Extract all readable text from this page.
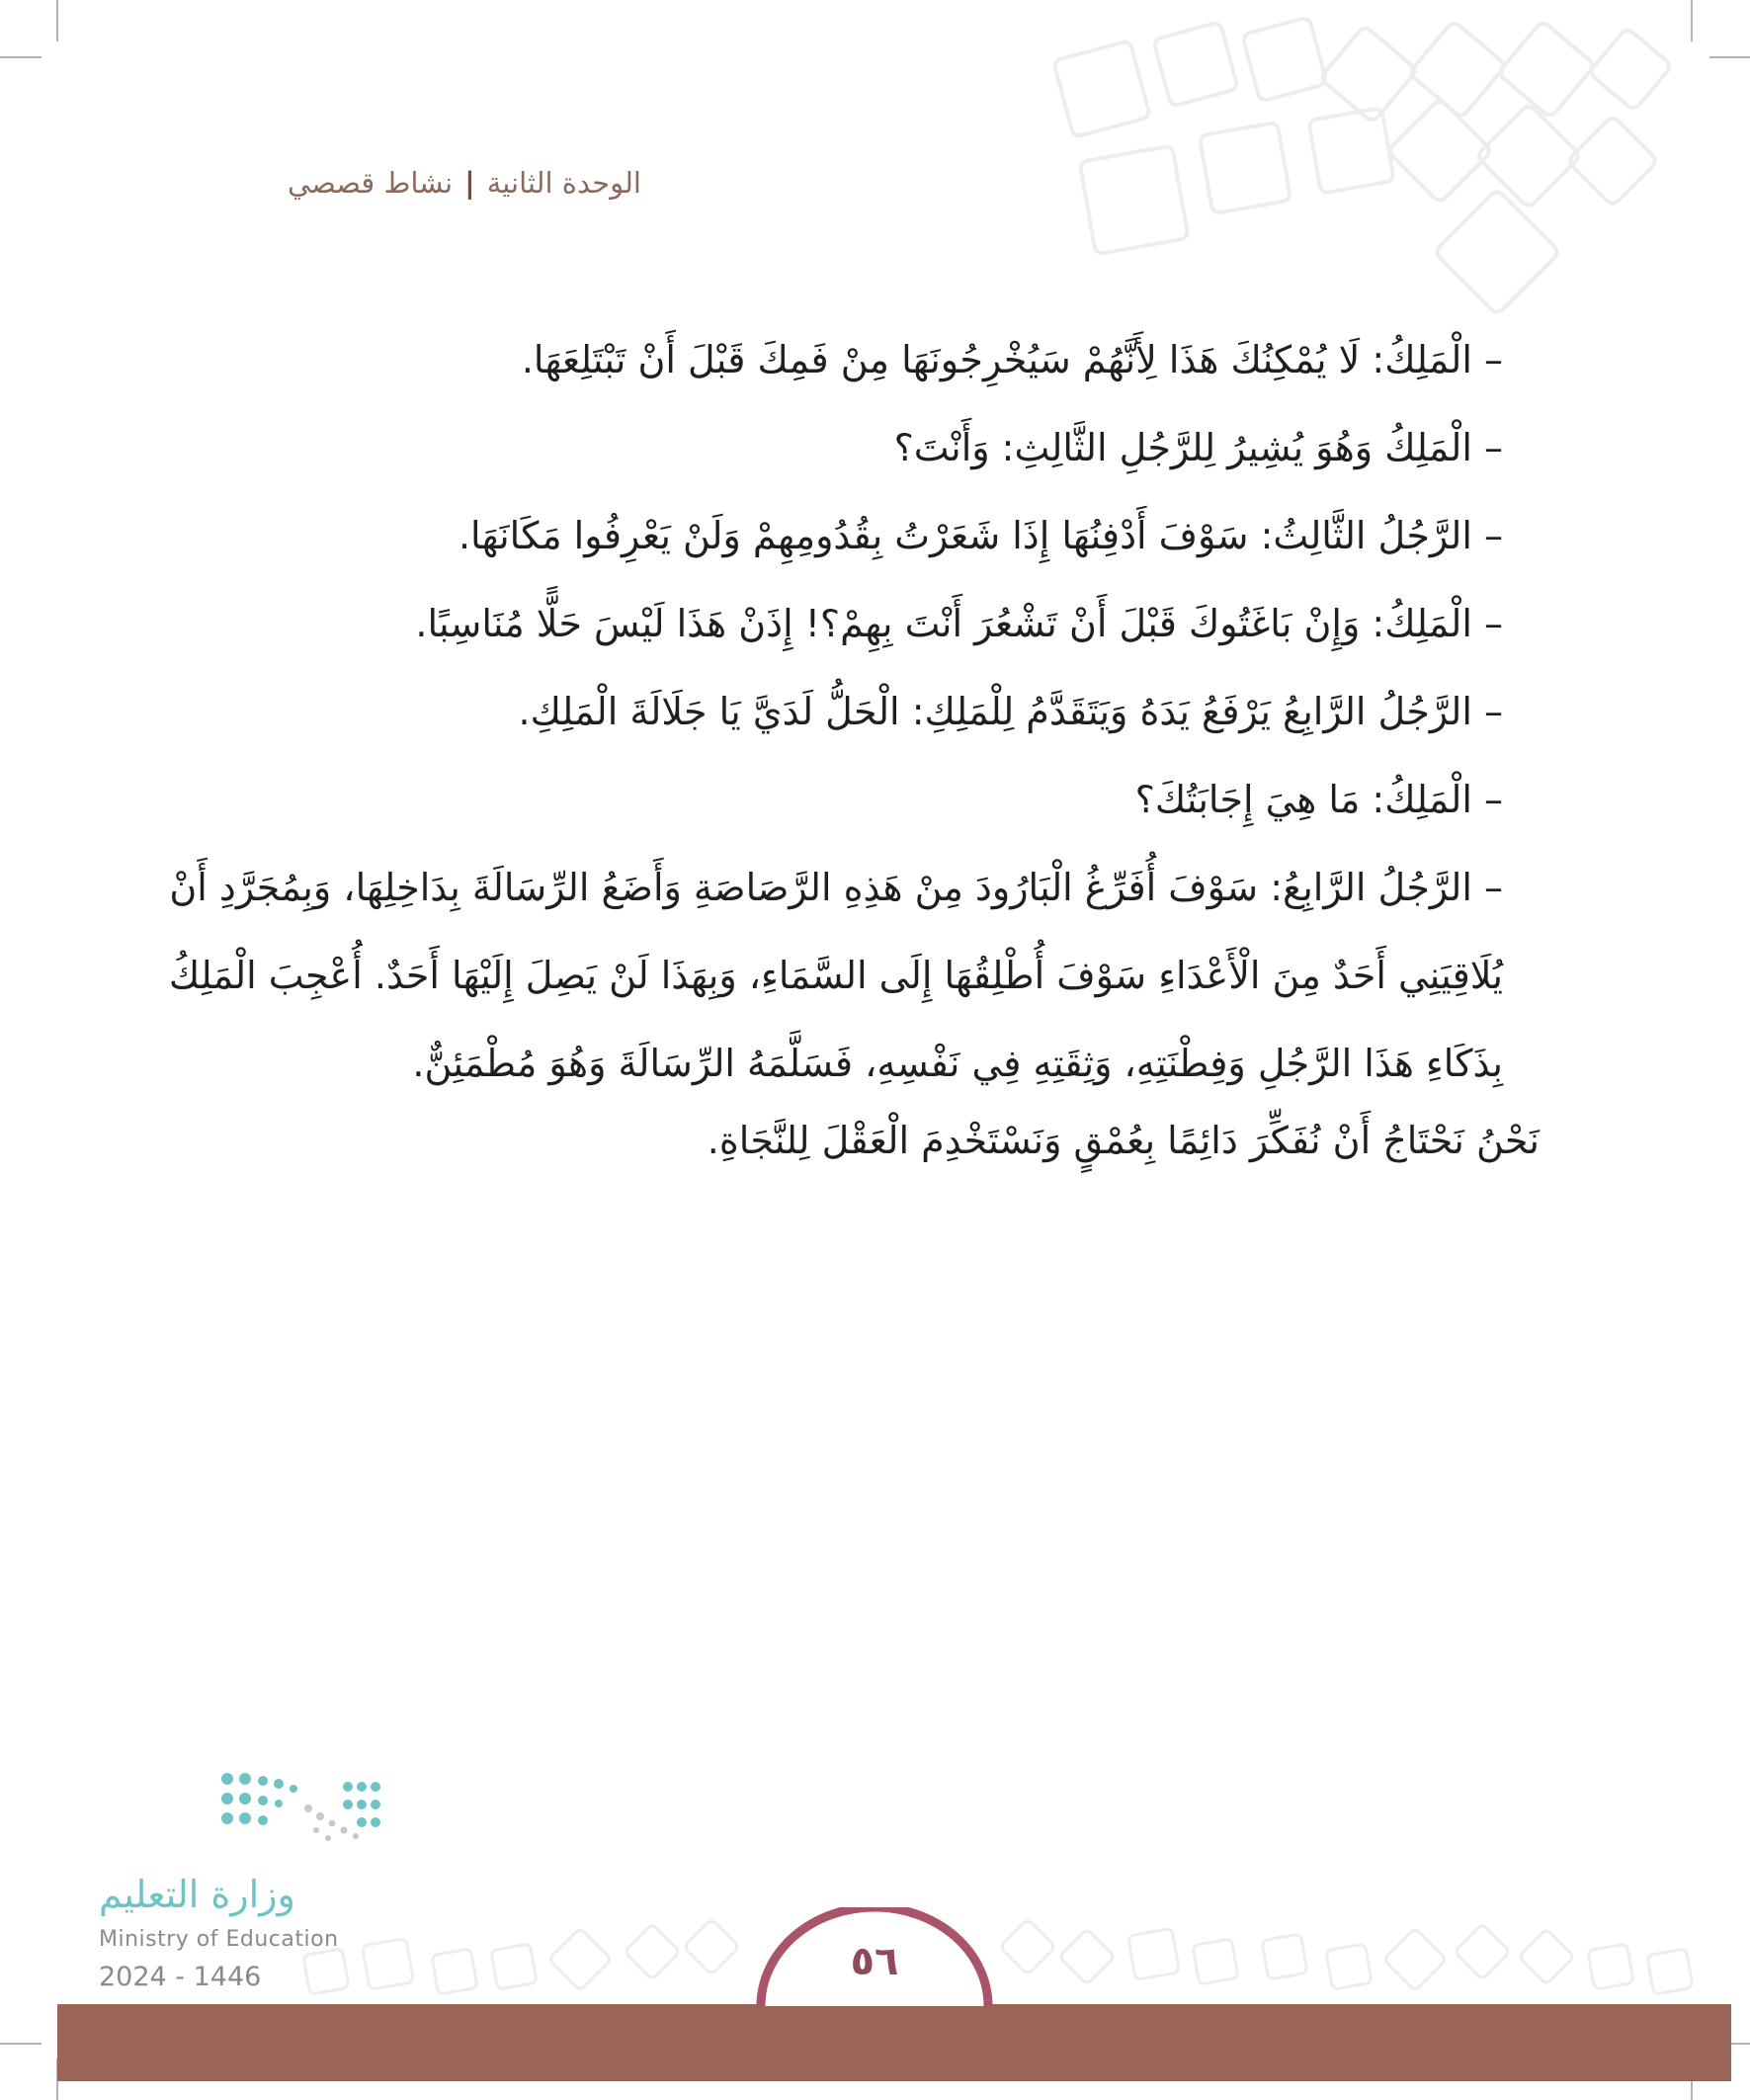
الوحدة الثانية|نشاط قصصي
– الْمَلِكُ: لَا يُمْكِنُكَ هَذَا لِأَنَّهُمْ سَيُخْرِجُونَهَا مِنْ فَمِكَ قَبْلَ أَنْ تَبْتَلِعَهَا.
– الْمَلِكُ وَهُوَ يُشِيرُ لِلرَّجُلِ الثَّالِثِ: وَأَنْتَ؟
– الرَّجُلُ الثَّالِثُ: سَوْفَ أَدْفِنُهَا إِذَا شَعَرْتُ بِقُدُومِهِمْ وَلَنْ يَعْرِفُوا مَكَانَهَا.
– الْمَلِكُ: وَإِنْ بَاغَتُوكَ قَبْلَ أَنْ تَشْعُرَ أَنْتَ بِهِمْ؟! إِذَنْ هَذَا لَيْسَ حَلًّا مُنَاسِبًا.
– الرَّجُلُ الرَّابِعُ يَرْفَعُ يَدَهُ وَيَتَقَدَّمُ لِلْمَلِكِ: الْحَلُّ لَدَيَّ يَا جَلَالَةَ الْمَلِكِ.
– الْمَلِكُ: مَا هِيَ إِجَابَتُكَ؟
– الرَّجُلُ الرَّابِعُ: سَوْفَ أُفَرِّغُ الْبَارُودَ مِنْ هَذِهِ الرَّصَاصَةِ وَأَضَعُ الرِّسَالَةَ بِدَاخِلِهَا، وَبِمُجَرَّدِ أَنْ
يُلَاقِيَنِي أَحَدٌ مِنَ الْأَعْدَاءِ سَوْفَ أُطْلِقُهَا إِلَى السَّمَاءِ، وَبِهَذَا لَنْ يَصِلَ إِلَيْهَا أَحَدٌ. أُعْجِبَ الْمَلِكُ
بِذَكَاءِ هَذَا الرَّجُلِ وَفِطْنَتِهِ، وَثِقَتِهِ فِي نَفْسِهِ، فَسَلَّمَهُ الرِّسَالَةَ وَهُوَ مُطْمَئِنٌّ.
نَحْنُ نَحْتَاجُ أَنْ نُفَكِّرَ دَائِمًا بِعُمْقٍ وَنَسْتَخْدِمَ الْعَقْلَ لِلنَّجَاةِ.
وزارة التعليم
Ministry of Education
2024 - 1446	٥٦
